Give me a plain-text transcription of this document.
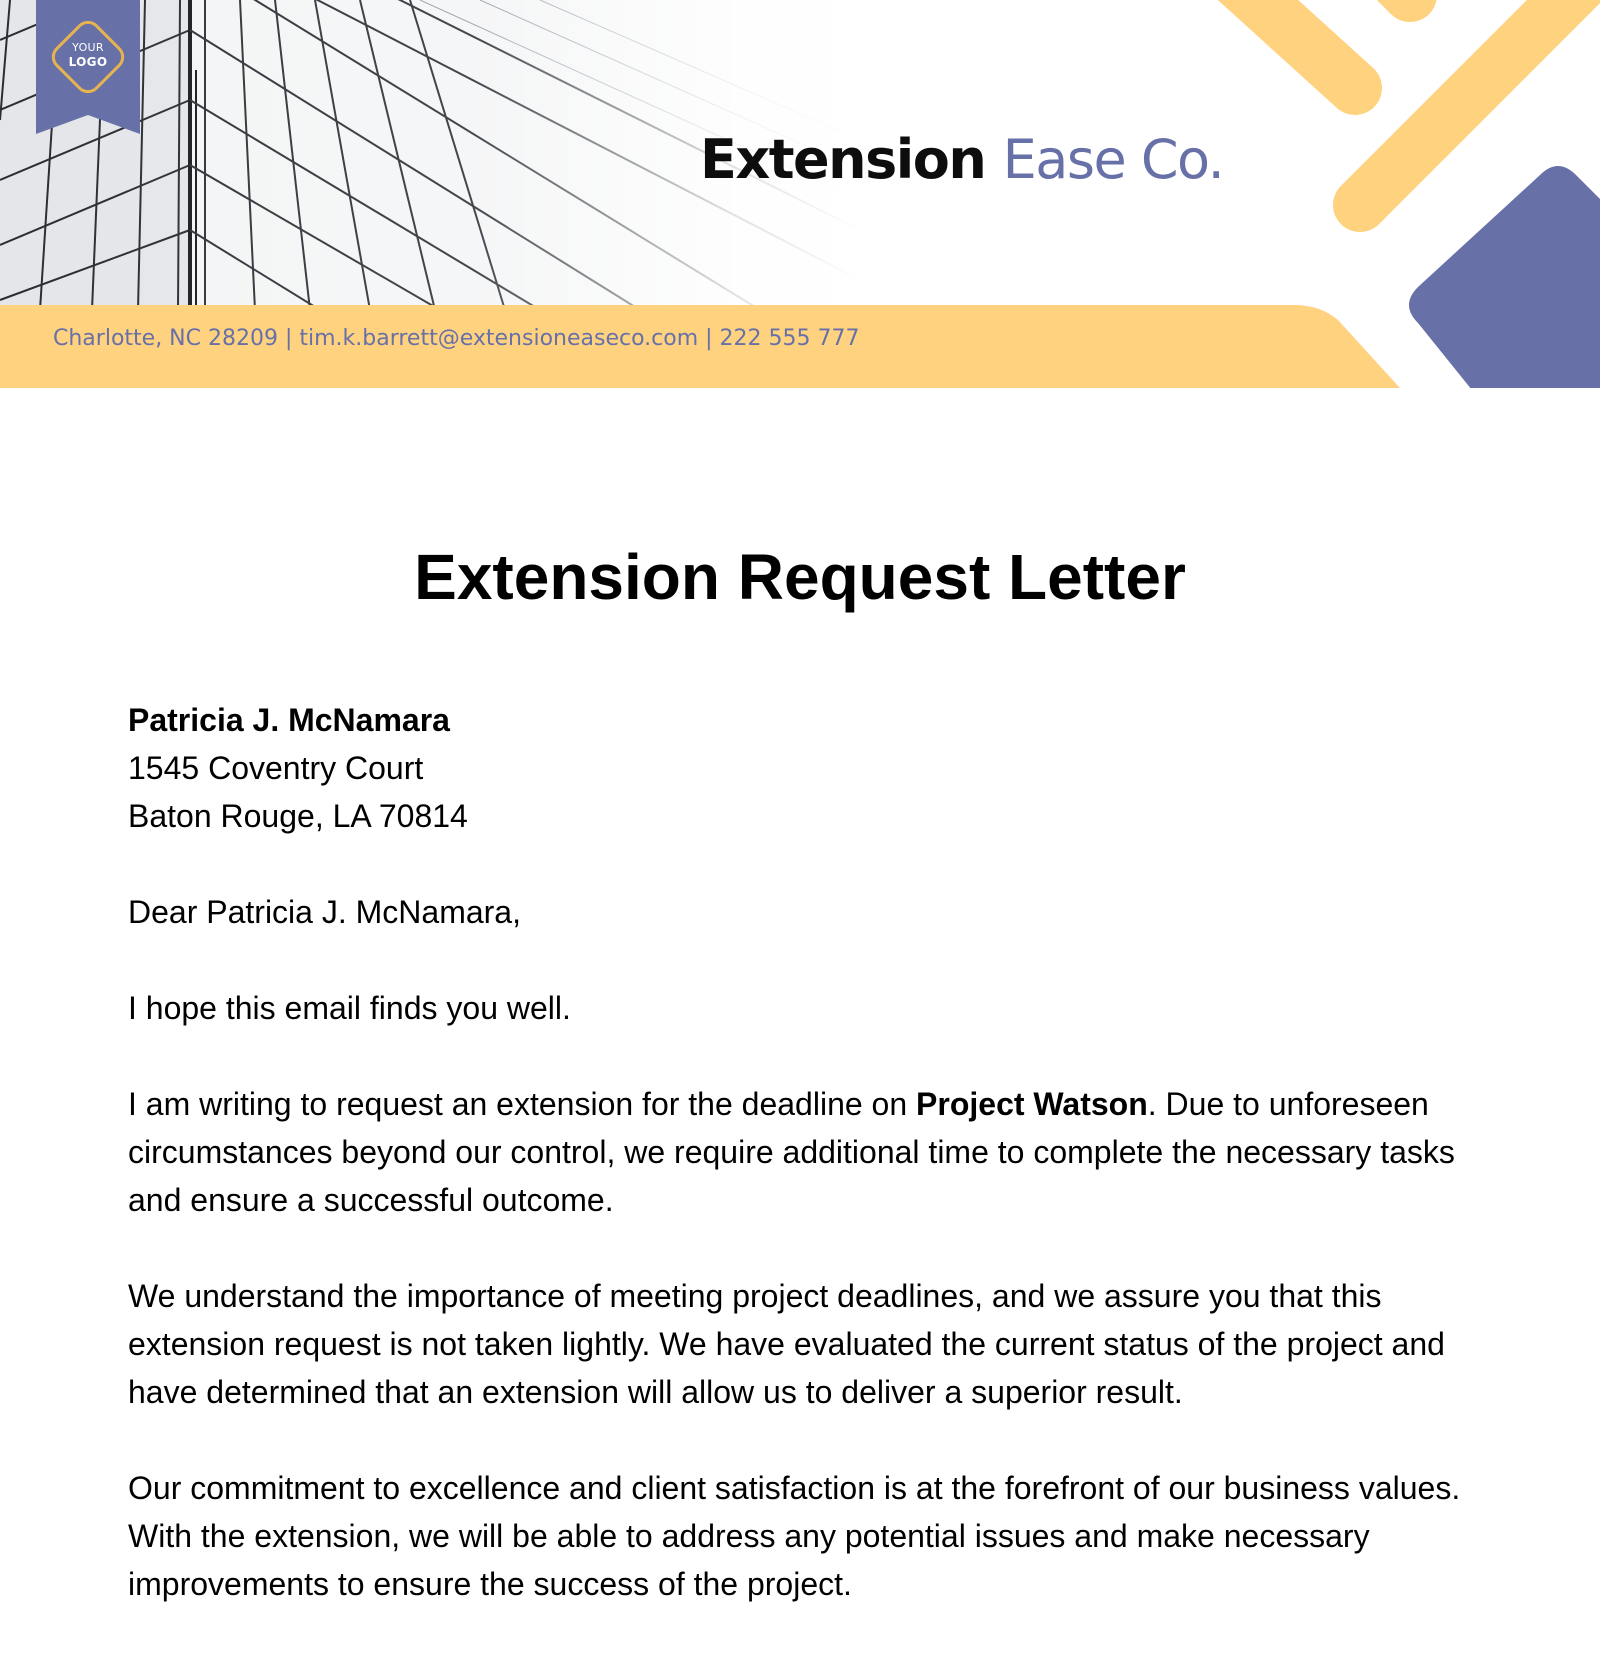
YOUR
LOGO
Extension Ease Co.
Charlotte, NC 28209 | tim.k.barrett@extensioneaseco.com | 222 555 777
Extension Request Letter

Patricia J. McNamara
1545 Coventry Court
Baton Rouge, LA 70814

Dear Patricia J. McNamara,

I hope this email finds you well.

I am writing to request an extension for the deadline on Project Watson. Due to unforeseen circumstances beyond our control, we require additional time to complete the necessary tasks and ensure a successful outcome.

We understand the importance of meeting project deadlines, and we assure you that this extension request is not taken lightly. We have evaluated the current status of the project and have determined that an extension will allow us to deliver a superior result.

Our commitment to excellence and client satisfaction is at the forefront of our business values. With the extension, we will be able to address any potential issues and make necessary improvements to ensure the success of the project.
